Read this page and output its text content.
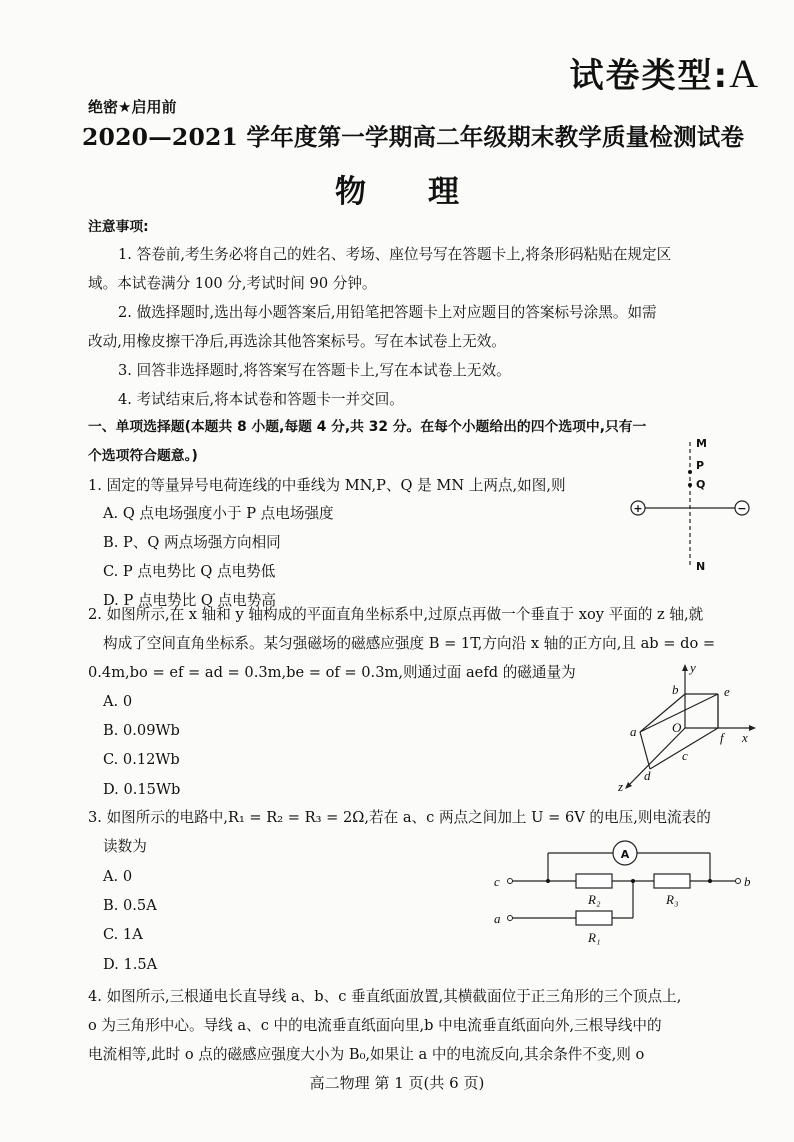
试卷类型:A
绝密★启用前
2020—2021 学年度第一学期高二年级期末教学质量检测试卷
物理
注意事项:
1. 答卷前,考生务必将自己的姓名、考场、座位号写在答题卡上,将条形码粘贴在规定区
域。本试卷满分 100 分,考试时间 90 分钟。
2. 做选择题时,选出每小题答案后,用铅笔把答题卡上对应题目的答案标号涂黑。如需
改动,用橡皮擦干净后,再选涂其他答案标号。写在本试卷上无效。
3. 回答非选择题时,将答案写在答题卡上,写在本试卷上无效。
4. 考试结束后,将本试卷和答题卡一并交回。
一、单项选择题(本题共 8 小题,每题 4 分,共 32 分。在每个小题给出的四个选项中,只有一
个选项符合题意。)
1. 固定的等量异号电荷连线的中垂线为 MN,P、Q 是 MN 上两点,如图,则
A. Q 点电场强度小于 P 点电场强度
B. P、Q 两点场强方向相同
C. P 点电势比 Q 点电势低
D. P 点电势比 Q 点电势高
+	−
M
P
Q
N
2. 如图所示,在 x 轴和 y 轴构成的平面直角坐标系中,过原点再做一个垂直于 xoy 平面的 z 轴,就
构成了空间直角坐标系。某匀强磁场的磁感应强度 B = 1T,方向沿 x 轴的正方向,且 ab = do =
0.4m,bo = ef = ad = 0.3m,be = of = 0.3m,则通过面 aefd 的磁通量为
A. 0
B. 0.09Wb
C. 0.12Wb
D. 0.15Wb
y
x
z
b	e
O
a	f
c
d
3. 如图所示的电路中,R₁ = R₂ = R₃ = 2Ω,若在 a、c 两点之间加上 U = 6V 的电压,则电流表的
读数为
A. 0
B. 0.5A
C. 1A
D. 1.5A
A
c	b
a
R₂	R₃
R₁
4. 如图所示,三根通电长直导线 a、b、c 垂直纸面放置,其横截面位于正三角形的三个顶点上,
o 为三角形中心。导线 a、c 中的电流垂直纸面向里,b 中电流垂直纸面向外,三根导线中的
电流相等,此时 o 点的磁感应强度大小为 B₀,如果让 a 中的电流反向,其余条件不变,则 o
高二物理 第 1 页(共 6 页)
